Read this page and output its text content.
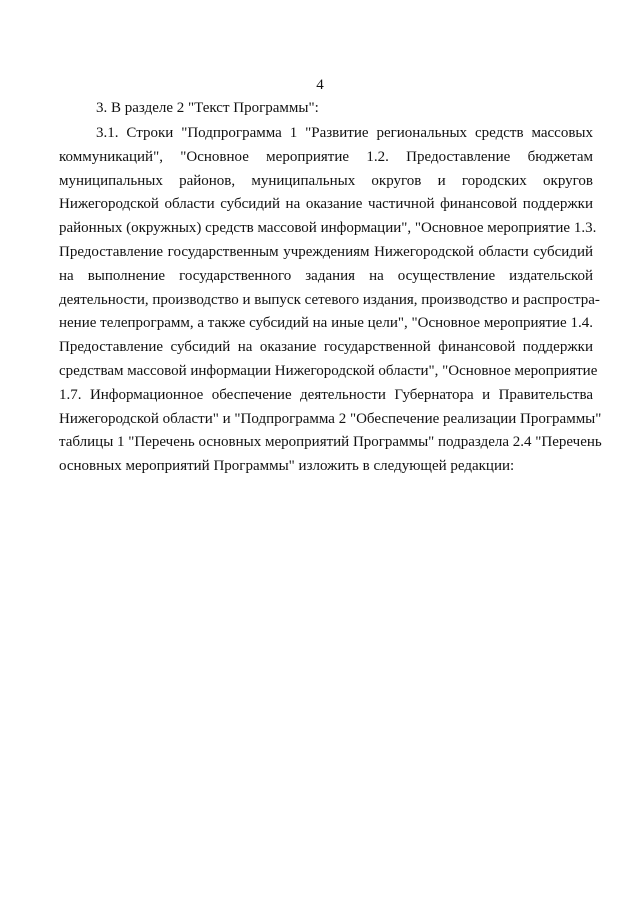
4
3. В разделе 2 "Текст Программы":
3.1. Строки "Подпрограмма 1 "Развитие региональных средств массовых
коммуникаций", "Основное мероприятие 1.2. Предоставление бюджетам
муниципальных районов, муниципальных округов и городских округов
Нижегородской области субсидий на оказание частичной финансовой поддержки
районных (окружных) средств массовой информации", "Основное мероприятие 1.3.
Предоставление государственным учреждениям Нижегородской области субсидий
на выполнение государственного задания на осуществление издательской
деятельности, производство и выпуск сетевого издания, производство и распростра-
нение телепрограмм, а также субсидий на иные цели", "Основное мероприятие 1.4.
Предоставление субсидий на оказание государственной финансовой поддержки
средствам массовой информации Нижегородской области", "Основное мероприятие
1.7. Информационное обеспечение деятельности Губернатора и Правительства
Нижегородской области" и "Подпрограмма 2 "Обеспечение реализации Программы"
таблицы 1 "Перечень основных мероприятий Программы" подраздела 2.4 "Перечень
основных мероприятий Программы" изложить в следующей редакции:
